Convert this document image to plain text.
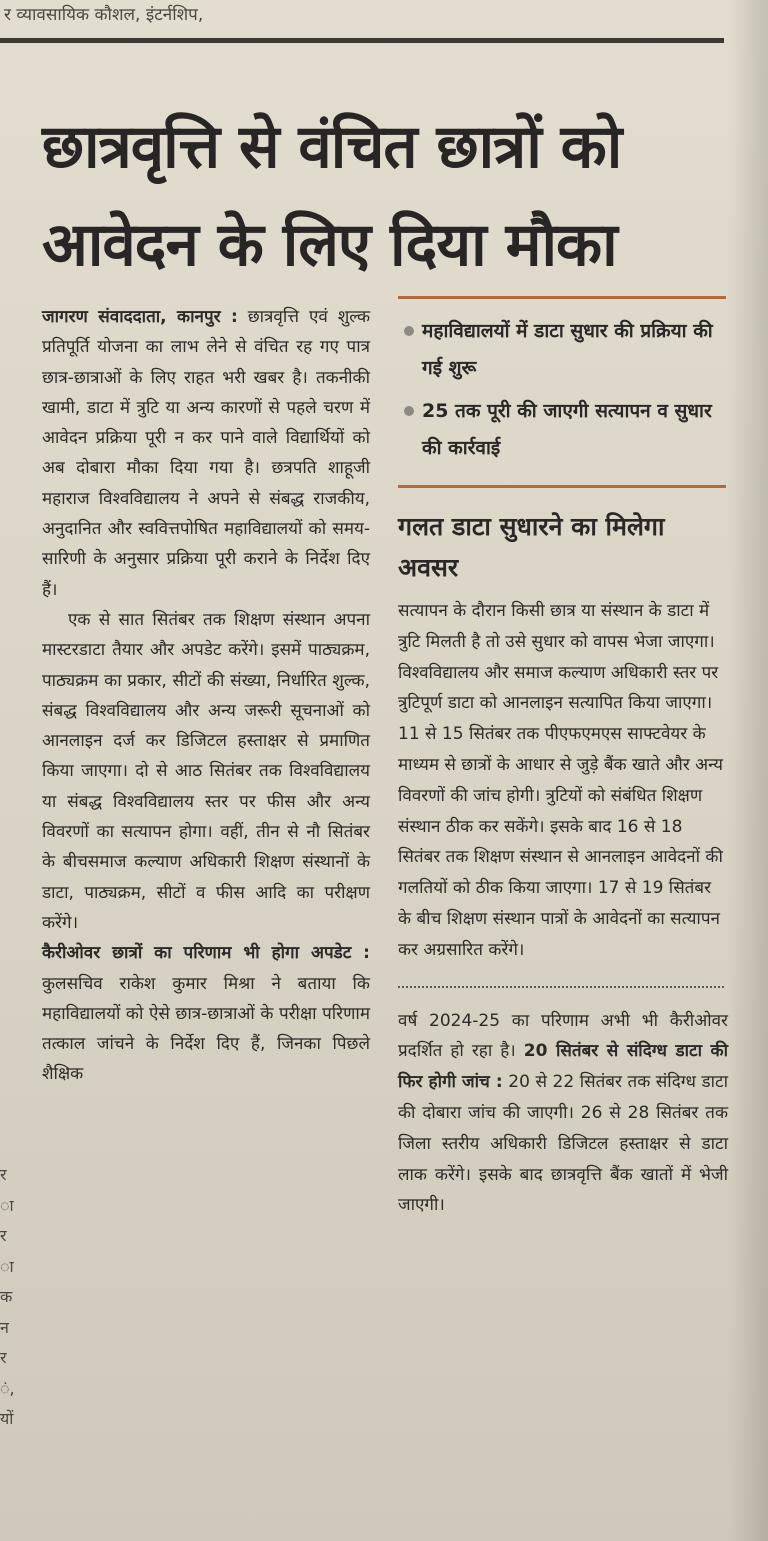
र व्यावसायिक कौशल, इंटर्नशिप,
छात्रवृत्ति से वंचित छात्रों को
आवेदन के लिए दिया मौका

जागरण संवाददाता, कानपुर : छात्रवृत्ति एवं शुल्क प्रतिपूर्ति योजना का लाभ लेने से वंचित रह गए पात्र छात्र-छात्राओं के लिए राहत भरी खबर है। तकनीकी खामी, डाटा में त्रुटि या अन्य कारणों से पहले चरण में आवेदन प्रक्रिया पूरी न कर पाने वाले विद्यार्थियों को अब दोबारा मौका दिया गया है। छत्रपति शाहूजी महाराज विश्वविद्यालय ने अपने से संबद्ध राजकीय, अनुदानित और स्ववित्तपोषित महाविद्यालयों को समय-सारिणी के अनुसार प्रक्रिया पूरी कराने के निर्देश दिए हैं।

एक से सात सितंबर तक शिक्षण संस्थान अपना मास्टरडाटा तैयार और अपडेट करेंगे। इसमें पाठ्यक्रम, पाठ्यक्रम का प्रकार, सीटों की संख्या, निर्धारित शुल्क, संबद्ध विश्वविद्यालय और अन्य जरूरी सूचनाओं को आनलाइन दर्ज कर डिजिटल हस्ताक्षर से प्रमाणित किया जाएगा। दो से आठ सितंबर तक विश्वविद्यालय या संबद्ध विश्वविद्यालय स्तर पर फीस और अन्य विवरणों का सत्यापन होगा। वहीं, तीन से नौ सितंबर के बीचसमाज कल्याण अधिकारी शिक्षण संस्थानों के डाटा, पाठ्यक्रम, सीटों व फीस आदि का परीक्षण करेंगे।

कैरीओवर छात्रों का परिणाम भी होगा अपडेट : कुलसचिव राकेश कुमार मिश्रा ने बताया कि महाविद्यालयों को ऐसे छात्र-छात्राओं के परीक्षा परिणाम तत्काल जांचने के निर्देश दिए हैं, जिनका पिछले शैक्षिक

महाविद्यालयों में डाटा सुधार की प्रक्रिया की गई शुरू
25 तक पूरी की जाएगी सत्यापन व सुधार की कार्रवाई
गलत डाटा सुधारने का मिलेगा अवसर
सत्यापन के दौरान किसी छात्र या संस्थान के डाटा में त्रुटि मिलती है तो उसे सुधार को वापस भेजा जाएगा। विश्वविद्यालय और समाज कल्याण अधिकारी स्तर पर त्रुटिपूर्ण डाटा को आनलाइन सत्यापित किया जाएगा। 11 से 15 सितंबर तक पीएफएमएस साफ्टवेयर के माध्यम से छात्रों के आधार से जुड़े बैंक खाते और अन्य विवरणों की जांच होगी। त्रुटियों को संबंधित शिक्षण संस्थान ठीक कर सकेंगे। इसके बाद 16 से 18 सितंबर तक शिक्षण संस्थान से आनलाइन आवेदनों की गलतियों को ठीक किया जाएगा। 17 से 19 सितंबर के बीच शिक्षण संस्थान पात्रों के आवेदनों का सत्यापन कर अग्रसारित करेंगे।
वर्ष 2024-25 का परिणाम अभी भी कैरीओवर प्रदर्शित हो रहा है। 20 सितंबर से संदिग्ध डाटा की फिर होगी जांच : 20 से 22 सितंबर तक संदिग्ध डाटा की दोबारा जांच की जाएगी। 26 से 28 सितंबर तक जिला स्तरीय अधिकारी डिजिटल हस्ताक्षर से डाटा लाक करेंगे। इसके बाद छात्रवृत्ति बैंक खातों में भेजी जाएगी।
र
ा
र
ा
क
न
र
ं,
यों
